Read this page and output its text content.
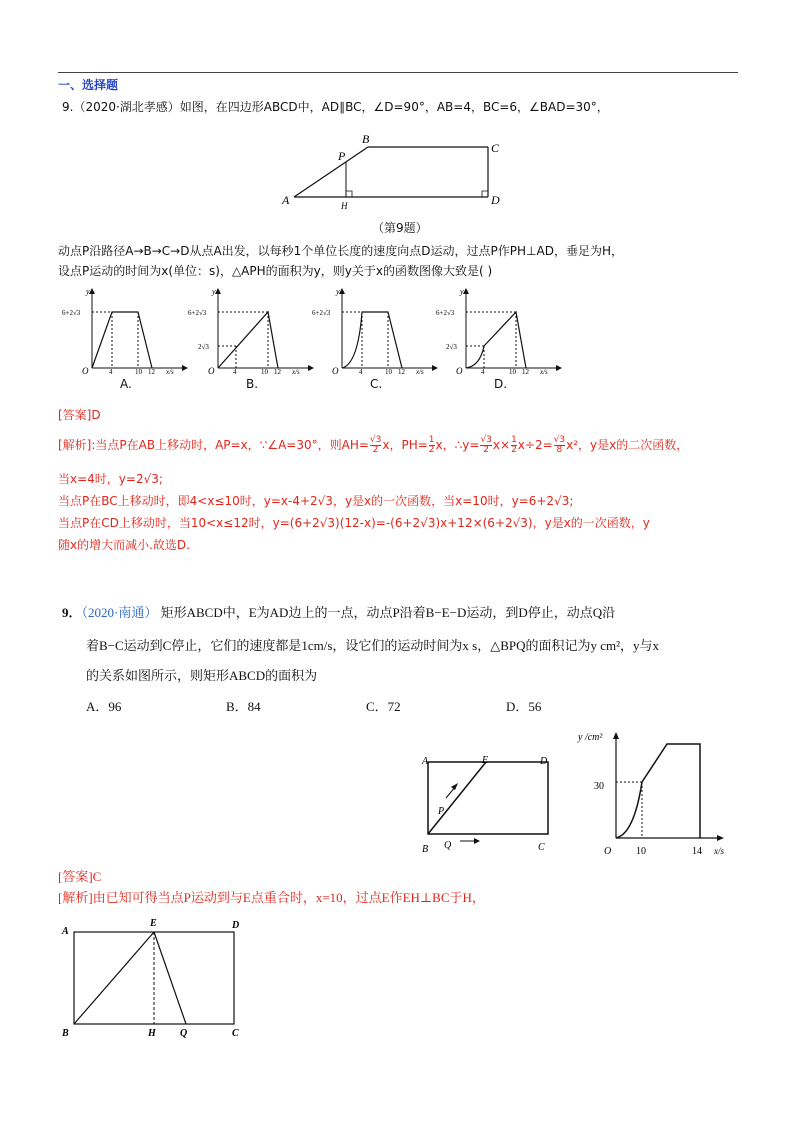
一、选择题
9.（2020·湖北孝感）如图，在四边形ABCD中，AD∥BC，∠D=90°，AB=4，BC=6，∠BAD=30°，
A
B
C
D
P
H
（第9题）
动点P沿路径A→B→C→D从点A出发，以每秒1个单位长度的速度向点D运动，过点P作PH⊥AD，垂足为H，
设点P运动的时间为x(单位：s)，△APH的面积为y，则y关于x的函数图像大致是( )
y
6+2√3
O	4	10 12 x/s
y
6+2√3
2√3
O	4	10 12 x/s
y
6+2√3
O	4	10 12 x/s
y
6+2√3
2√3
O	4	10 12 x/s
A.	B.	C.	D.
[答案]D
[解析]:当点P在AB上移动时，AP=x，∵∠A=30°，则$AH= \frac{√3}{2}$ x，$PH= \frac{1}{2}$ x，∴y= $\frac{√3}{2} x\times \frac{1}{2} x\div 2= \frac{√3}{8} x^2$，y是x的二次函数，
当x=4时，y=2√3;
当点P在BC上移动时，即4<x≤10时，y=x-4+2√3，y是x的一次函数，当x=10时，y=6+2√3;
当点P在CD上移动时，当10<x≤12时，y=(6+2√3)(12-x)=-(6+2√3)x+12×(6+2√3)，y是x的一次函数，y
随x的增大而减小.故选D.
9．（2020·南通） 矩形ABCD中，E为AD边上的一点，动点P沿着B−E−D运动，到D停止，动点Q沿
着B−C运动到C停止，它们的速度都是1cm/s，设它们的运动时间为x s，△BPQ的面积记为y cm²，y与x
的关系如图所示，则矩形ABCD的面积为
A．96	B．84	C．72	D．56
A	E	D
P
B Q	C
y /cm²
30
O 10	14 x/s
[答案]C
[解析]由已知可得当点P运动到与E点重合时，x=10，过点E作EH⊥BC于H，
A
E	D
B	H Q	C
